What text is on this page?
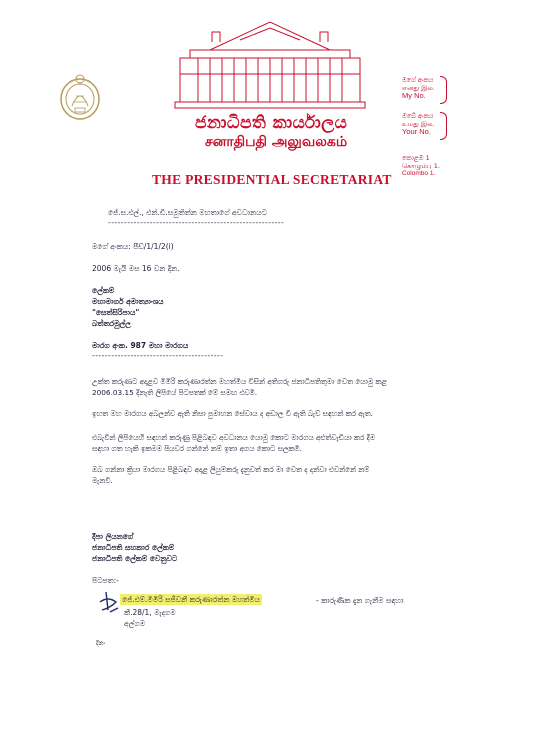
ජනාධිපති කාර්යාලය
சனாதிபதி அலுவலகம்
THE PRESIDENTIAL SECRETARIAT
මගේ අංකය
எனது இல.
My No.
ඔබේ අංකය
உமது இல.
Your No.
කොළඹ 1
கொழும்பு 1.
Colombo 1.
ජේ.ස.එල්., එන්.ඩී.සමුතිත්න මහතාගේ අවධානයට
-------------------------------------------------------
මගේ අංකය: පීඩ්/1/1/2(i)
2006 මැයි මස 16 වන දින.
ලේකම්
මහාමාර්ග අමාත්‍යාංශය
"සෙත්සිරිපාය"
බත්තරමුල්ල
මාරග අංක. 987 මහා මාරගය
-----------------------------------------
උක්ත කරුණට අදාළව මීමිරි කරුණාරත්න මහත්මිය විසින් අතිගරු ජනාධිපතිතුමා වෙත යොමු කළ
2006.03.15 දිනැති ලිපියේ පිටපතක් මේ සමඟ එවමි.
ඉහත මහ මාරගය අබලන්ව ඇති නිසා පුමාහන සේවාය ද අඩාල වී ඇති බැව් සඳහන් කර ඇත.
එබැවින් ලිපියෙහි සඳහන් කරුණු පිළිබඳව අවධානය යොමු කොට මාරගය අළුත්වැඩියා කර දීම
සඳහා ගත හැකි ඉකමම පියවර ගන්නේ නම් ඉතා අගය කොට සලකමි.
ඔබ ගන්නා ක්‍රියා මාරගය පිළිබඳව අදාළ ලියුම්කරු දැනුවත් කර මා වෙත ද දන්වා එවන්නේ නම්
මැනවි.
දීපා ලියනගේ
ජනාධිපති සහකාර ලේකම්
ජනාධිපති ලේකම් වෙනුවට
පිටපත:-
ජේ.එම්.මීමිරි සජීවනී කරුණාරත්න මහත්මිය	- කාරුණික දැන ගැනීම සඳහා
කී.28/1, මැදගම
අල්ගම
දිනං
